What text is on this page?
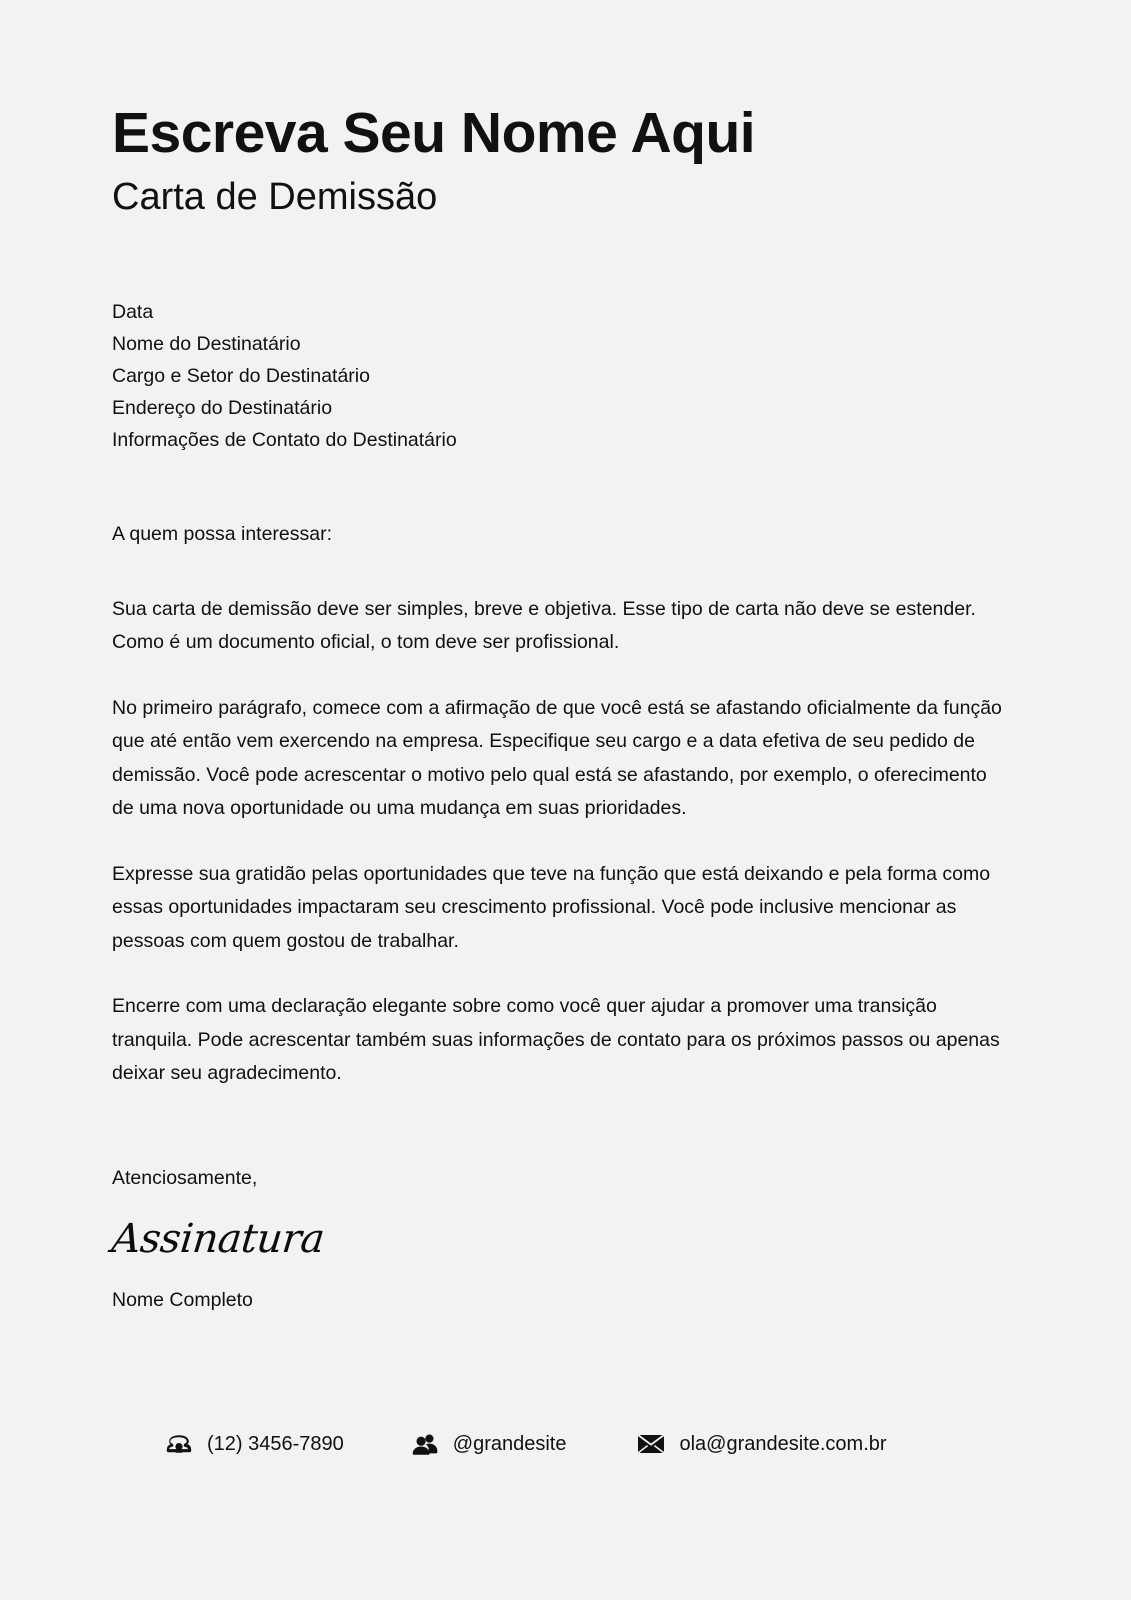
Escreva Seu Nome Aqui
Carta de Demissão
Data
Nome do Destinatário
Cargo e Setor do Destinatário
Endereço do Destinatário
Informações de Contato do Destinatário

A quem possa interessar:

Sua carta de demissão deve ser simples, breve e objetiva. Esse tipo de carta não deve se estender. Como é um documento oficial, o tom deve ser profissional.

No primeiro parágrafo, comece com a afirmação de que você está se afastando oficialmente da função que até então vem exercendo na empresa. Especifique seu cargo e a data efetiva de seu pedido de demissão. Você pode acrescentar o motivo pelo qual está se afastando, por exemplo, o oferecimento de uma nova oportunidade ou uma mudança em suas prioridades.

Expresse sua gratidão pelas oportunidades que teve na função que está deixando e pela forma como essas oportunidades impactaram seu crescimento profissional. Você pode inclusive mencionar as pessoas com quem gostou de trabalhar.

Encerre com uma declaração elegante sobre como você quer ajudar a promover uma transição tranquila. Pode acrescentar também suas informações de contato para os próximos passos ou apenas deixar seu agradecimento.

Atenciosamente,

Assinatura

Nome Completo

(12) 3456-7890	@grandesite	ola@grandesite.com.br
